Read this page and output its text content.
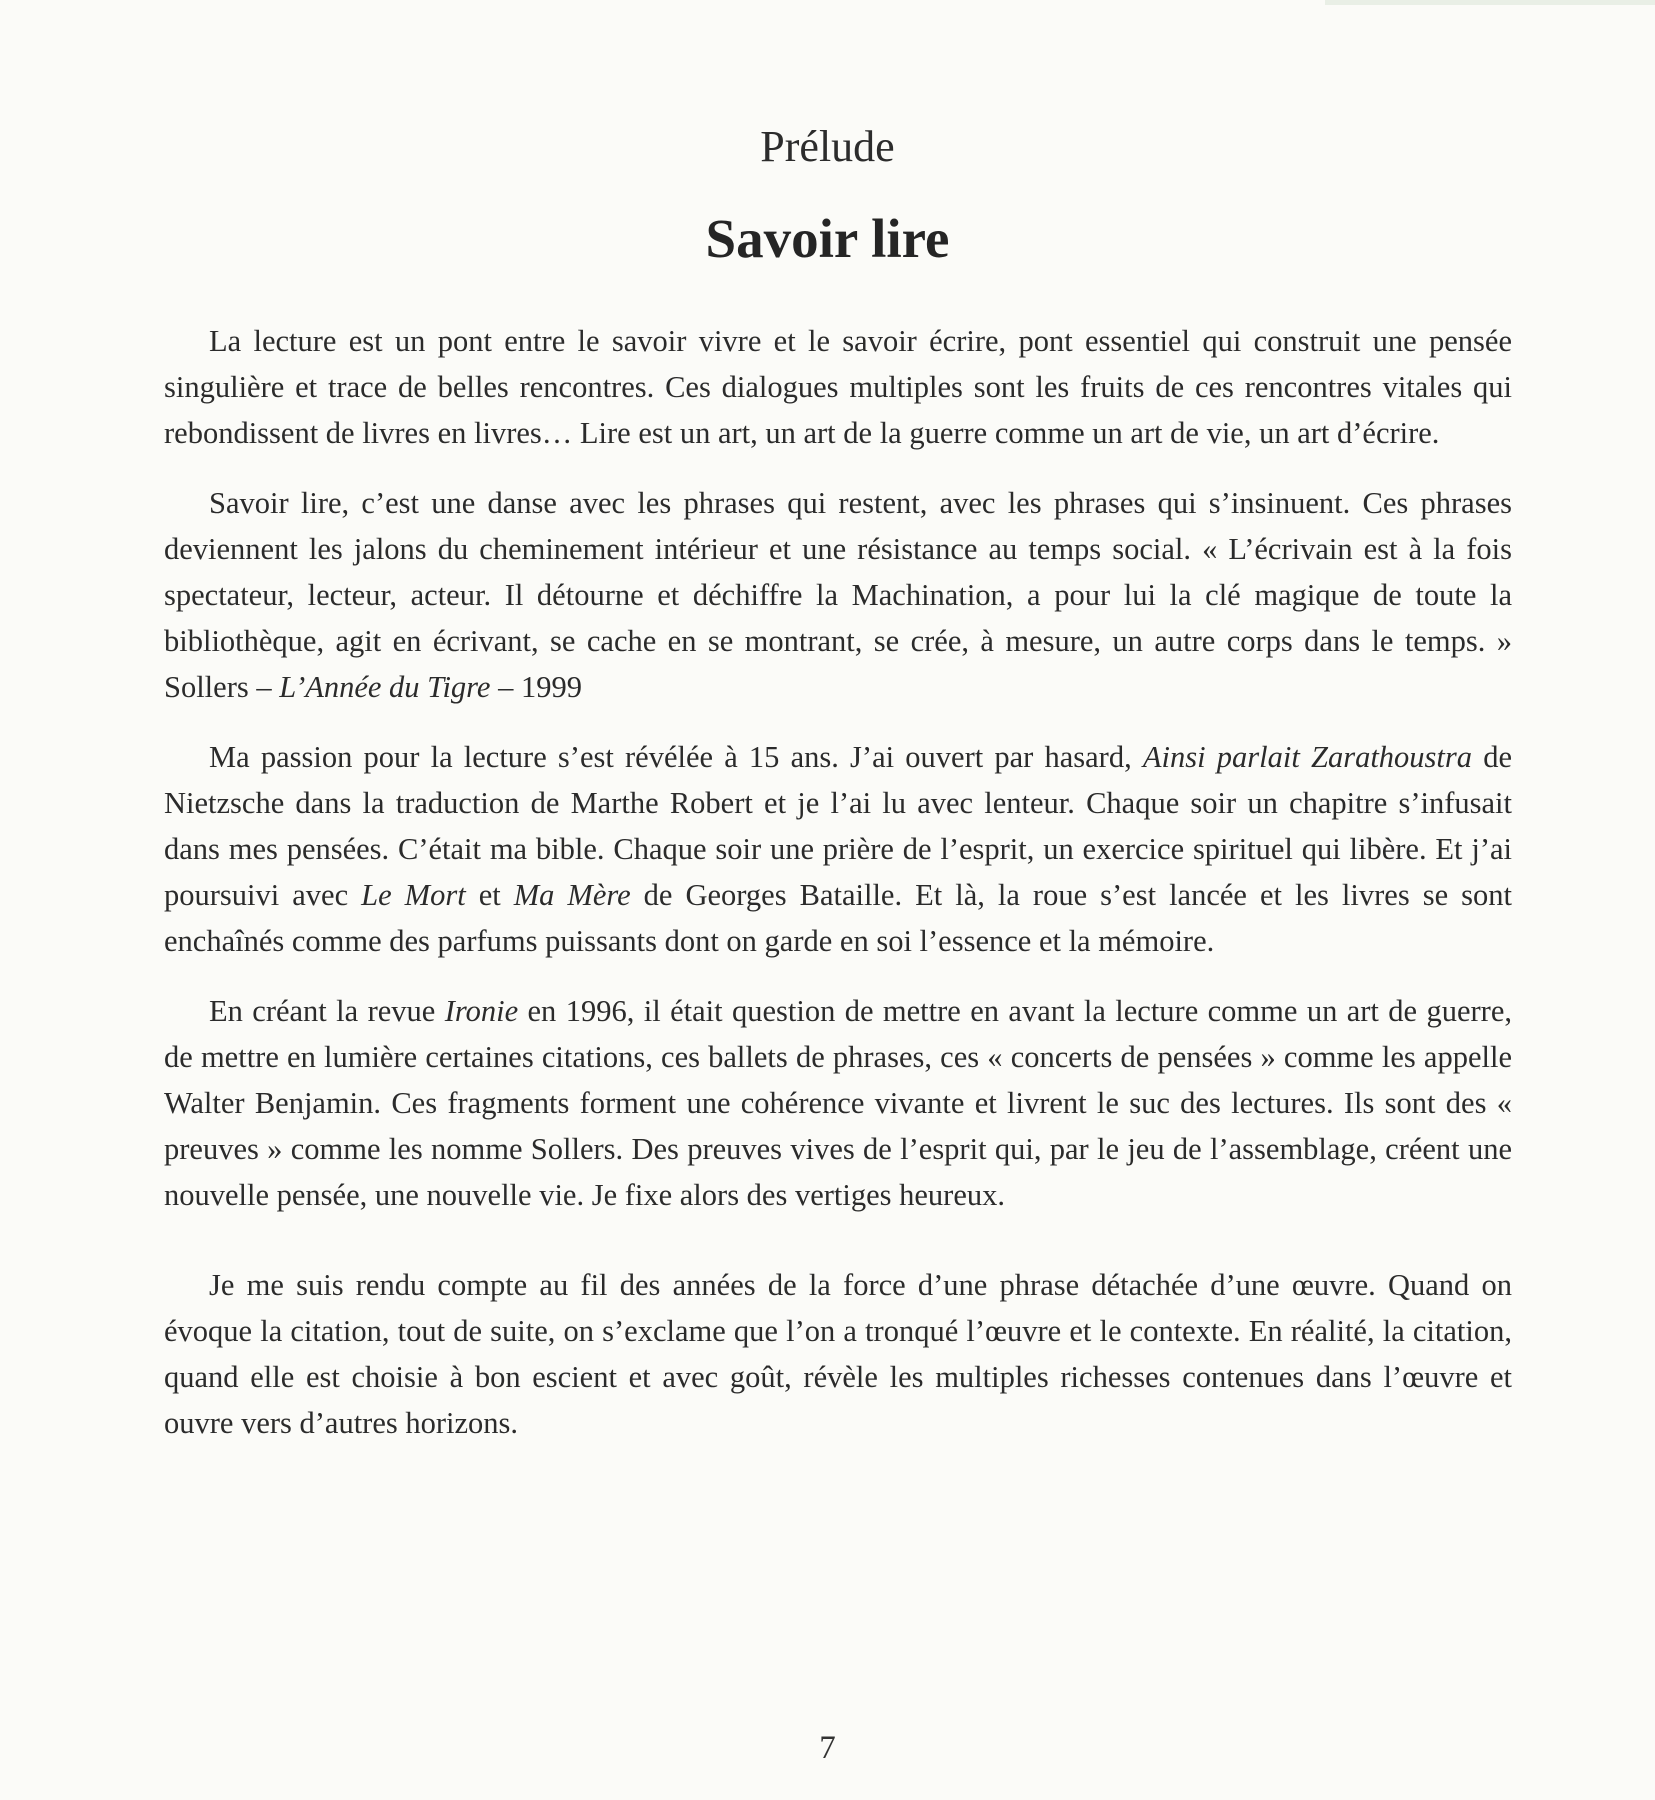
Prélude
Savoir lire

La lecture est un pont entre le savoir vivre et le savoir écrire, pont essentiel qui construit une pensée singulière et trace de belles rencontres. Ces dialogues multiples sont les fruits de ces rencontres vitales qui rebondissent de livres en livres… Lire est un art, un art de la guerre comme un art de vie, un art d’écrire.

Savoir lire, c’est une danse avec les phrases qui restent, avec les phrases qui s’insinuent. Ces phrases deviennent les jalons du cheminement intérieur et une résistance au temps social. « L’écrivain est à la fois spectateur, lecteur, acteur. Il détourne et déchiffre la Machination, a pour lui la clé magique de toute la bibliothèque, agit en écrivant, se cache en se montrant, se crée, à mesure, un autre corps dans le temps. » Sollers – L’Année du Tigre – 1999

Ma passion pour la lecture s’est révélée à 15 ans. J’ai ouvert par hasard, Ainsi parlait Zarathoustra de Nietzsche dans la traduction de Marthe Robert et je l’ai lu avec lenteur. Chaque soir un chapitre s’infusait dans mes pensées. C’était ma bible. Chaque soir une prière de l’esprit, un exercice spirituel qui libère. Et j’ai poursuivi avec Le Mort et Ma Mère de Georges Bataille. Et là, la roue s’est lancée et les livres se sont enchaînés comme des parfums puissants dont on garde en soi l’essence et la mémoire.

En créant la revue Ironie en 1996, il était question de mettre en avant la lecture comme un art de guerre, de mettre en lumière certaines citations, ces ballets de phrases, ces « concerts de pensées » comme les appelle Walter Benjamin. Ces fragments forment une cohérence vivante et livrent le suc des lectures. Ils sont des « preuves » comme les nomme Sollers. Des preuves vives de l’esprit qui, par le jeu de l’assemblage, créent une nouvelle pensée, une nouvelle vie. Je fixe alors des vertiges heureux.

Je me suis rendu compte au fil des années de la force d’une phrase détachée d’une œuvre. Quand on évoque la citation, tout de suite, on s’exclame que l’on a tronqué l’œuvre et le contexte. En réalité, la citation, quand elle est choisie à bon escient et avec goût, révèle les multiples richesses contenues dans l’œuvre et ouvre vers d’autres horizons.

7
